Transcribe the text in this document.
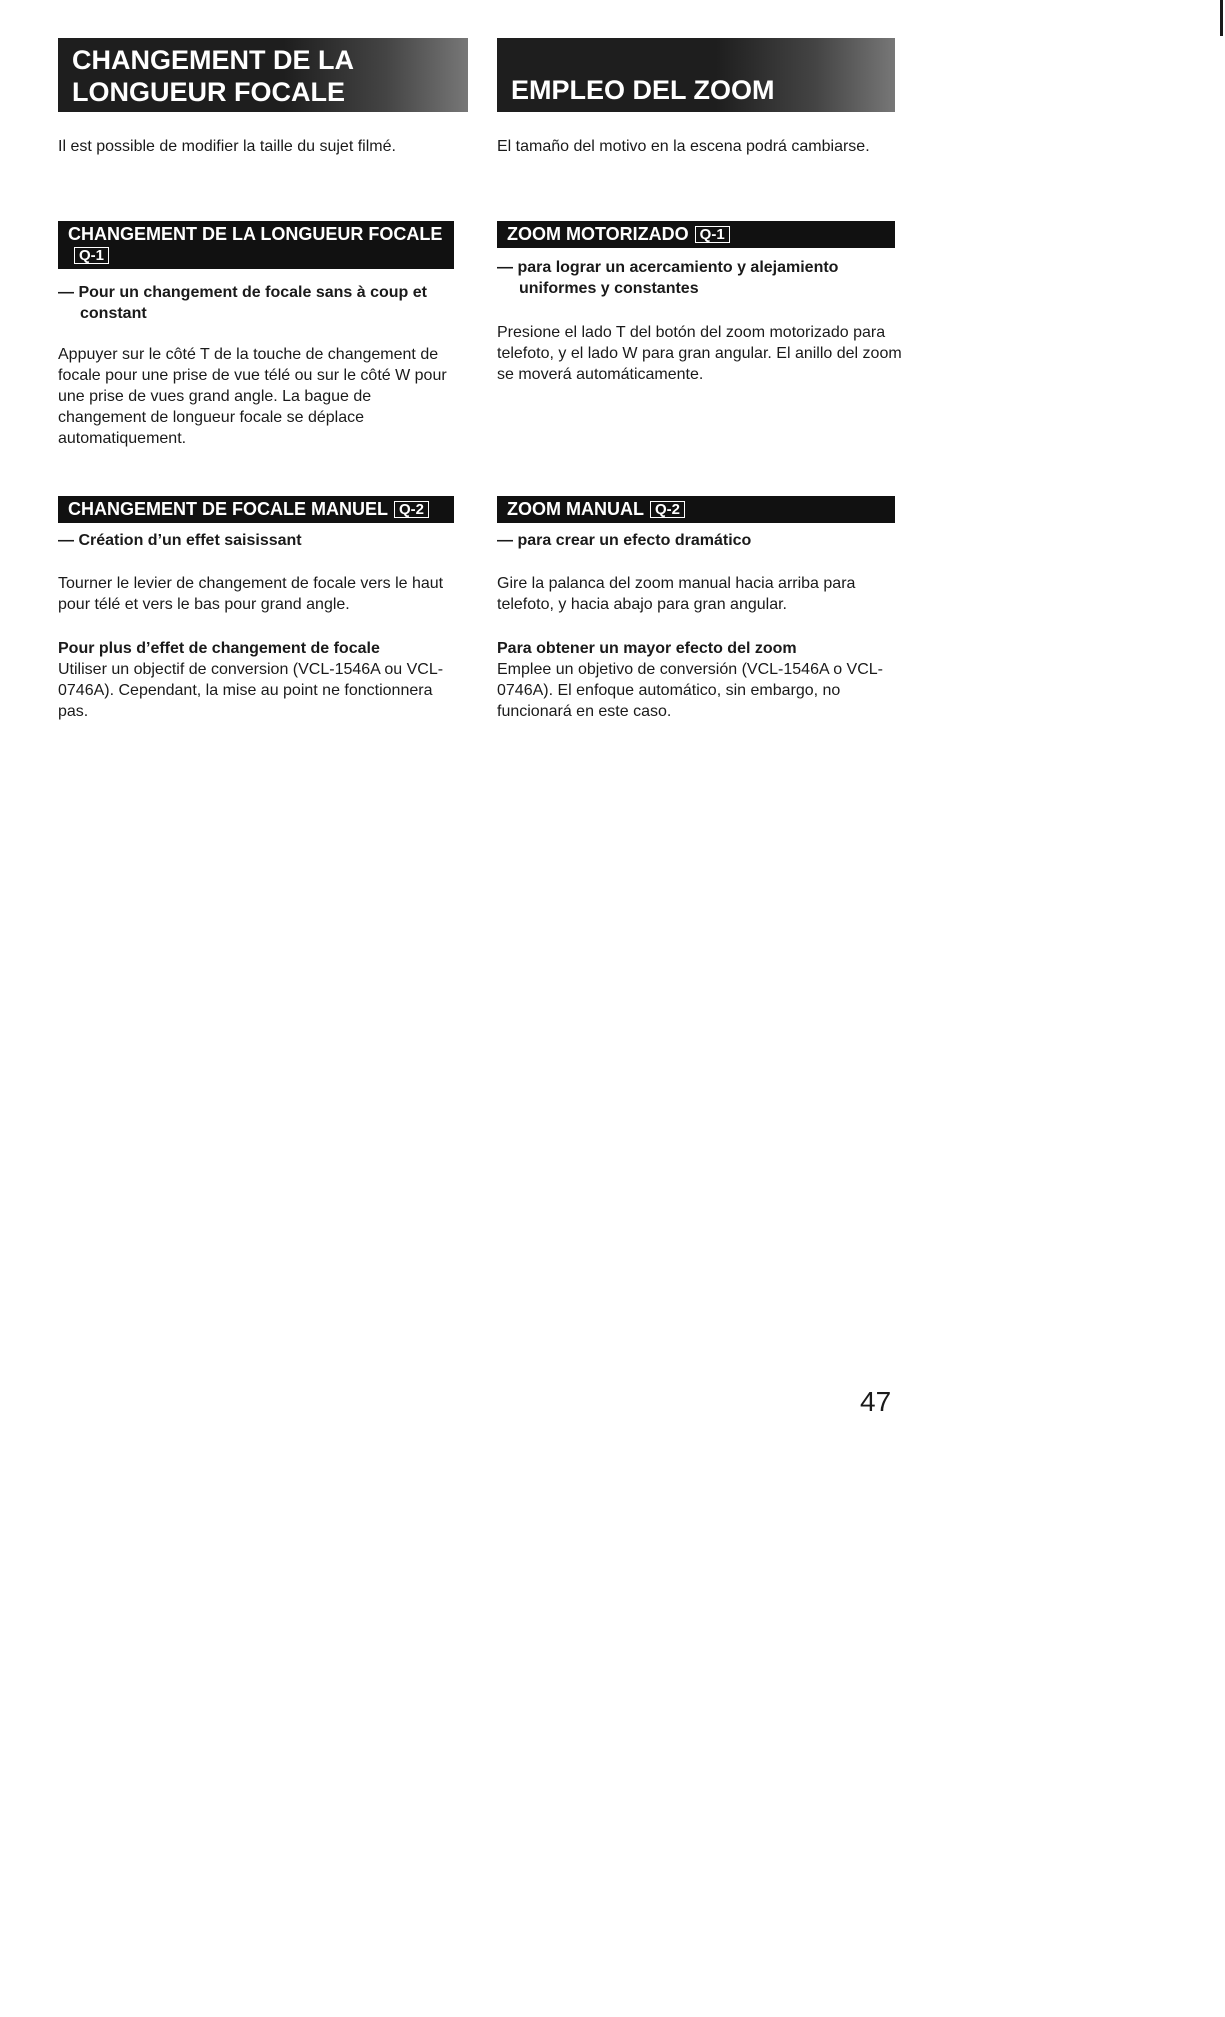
CHANGEMENT DE LA LONGUEUR FOCALE

Il est possible de modifier la taille du sujet filmé.

CHANGEMENT DE LA LONGUEUR FOCALEQ-1

— Pour un changement de focale sans à coup et constant

Appuyer sur le côté T de la touche de changement de focale pour une prise de vue télé ou sur le côté W pour une prise de vues grand angle. La bague de changement de longueur focale se déplace automatiquement.

CHANGEMENT DE FOCALE MANUEL Q-2

— Création d’un effet saisissant

Tourner le levier de changement de focale vers le haut pour télé et vers le bas pour grand angle.

Pour plus d’effet de changement de focale
Utiliser un objectif de conversion (VCL-1546A ou VCL-0746A). Cependant, la mise au point ne fonctionnera pas.

EMPLEO DEL ZOOM

El tamaño del motivo en la escena podrá cambiarse.

ZOOM MOTORIZADO Q-1

— para lograr un acercamiento y alejamiento uniformes y constantes

Presione el lado T del botón del zoom motorizado para telefoto, y el lado W para gran angular. El anillo del zoom se moverá automáticamente.

ZOOM MANUAL Q-2

— para crear un efecto dramático

Gire la palanca del zoom manual hacia arriba para telefoto, y hacia abajo para gran angular.

Para obtener un mayor efecto del zoom
Emplee un objetivo de conversión (VCL-1546A o VCL-0746A). El enfoque automático, sin embargo, no funcionará en este caso.

47
